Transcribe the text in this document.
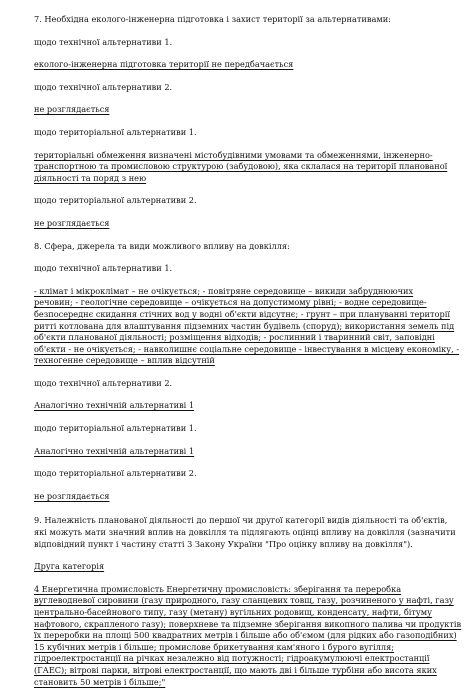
7. Необхідна еколого-інженерна підготовка і захист території за альтернативами:

щодо технічної альтернативи 1.

еколого-інженерна підготовка території не передбачається

щодо технічної альтернативи 2.

не розглядається

щодо територіальної альтернативи 1.

територіальні обмеження визначені містобудівними умовами та обмеженнями, інженерно-

транспортною та промисловою структурою (забудовою), яка склалася на території планованої

діяльності та поряд з нею

щодо територіальної альтернативи 2.

не розглядається

8. Сфера, джерела та види можливого впливу на довкілля:

щодо технічної альтернативи 1.

- клімат і мікроклімат – не очікується; - повітряне середовище – викиди забруднюючих

речовин; - геологічне середовище – очікується на допустимому рівні; - водне середовище-

безпосереднє скидання стічних вод у водні об'єкти відсутнє; - грунт – при плануванні території

ритті котлована для влаштування підземних частин будівель (споруд); використання земель під

об'єкти планованої діяльності; розміщення відходів; - рослинний і тваринний світ, заповідні

об'єкти - не очікується; - навколишнє соціальне середовище - інвестування в місцеву економіку, -

техногенне середовище – вплив відсутній

щодо технічної альтернативи 2.

Аналогічно технічній альтернативі 1

щодо територіальної альтернативи 1.

Аналогічно технічній альтернативі 1

щодо територіальної альтернативи 2.

не розглядається

9. Належність планованої діяльності до першої чи другої категорії видів діяльності та об'єктів,

які можуть мати значний вплив на довкілля та підлягають оцінці впливу на довкілля (зазначити

відповідний пункт і частину статті 3 Закону України "Про оцінку впливу на довкілля").

Друга категорія

4 Енергетична промисловість Енергетичну промисловість: зберігання та переробка

вуглеводневої сировини (газу природного, газу сланцевих товщ, газу, розчиненого у нафті, газу

центрально-басейнового типу, газу (метану) вугільних родовищ, конденсату, нафти, бітуму

нафтового, скрапленого газу); поверхневе та підземне зберігання викопного палива чи продуктів

їх переробки на площі 500 квадратних метрів і більше або об'ємом (для рідких або газоподібних)

15 кубічних метрів і більше; промислове брикетування кам'яного і бурого вугілля;

гідроелектростанції на річках незалежно від потужності; гідроакумулюючі електростанції

(ГАЕС); вітрові парки, вітрові електростанції, що мають дві і більше турбіни або висота яких

становить 50 метрів і більше;"
